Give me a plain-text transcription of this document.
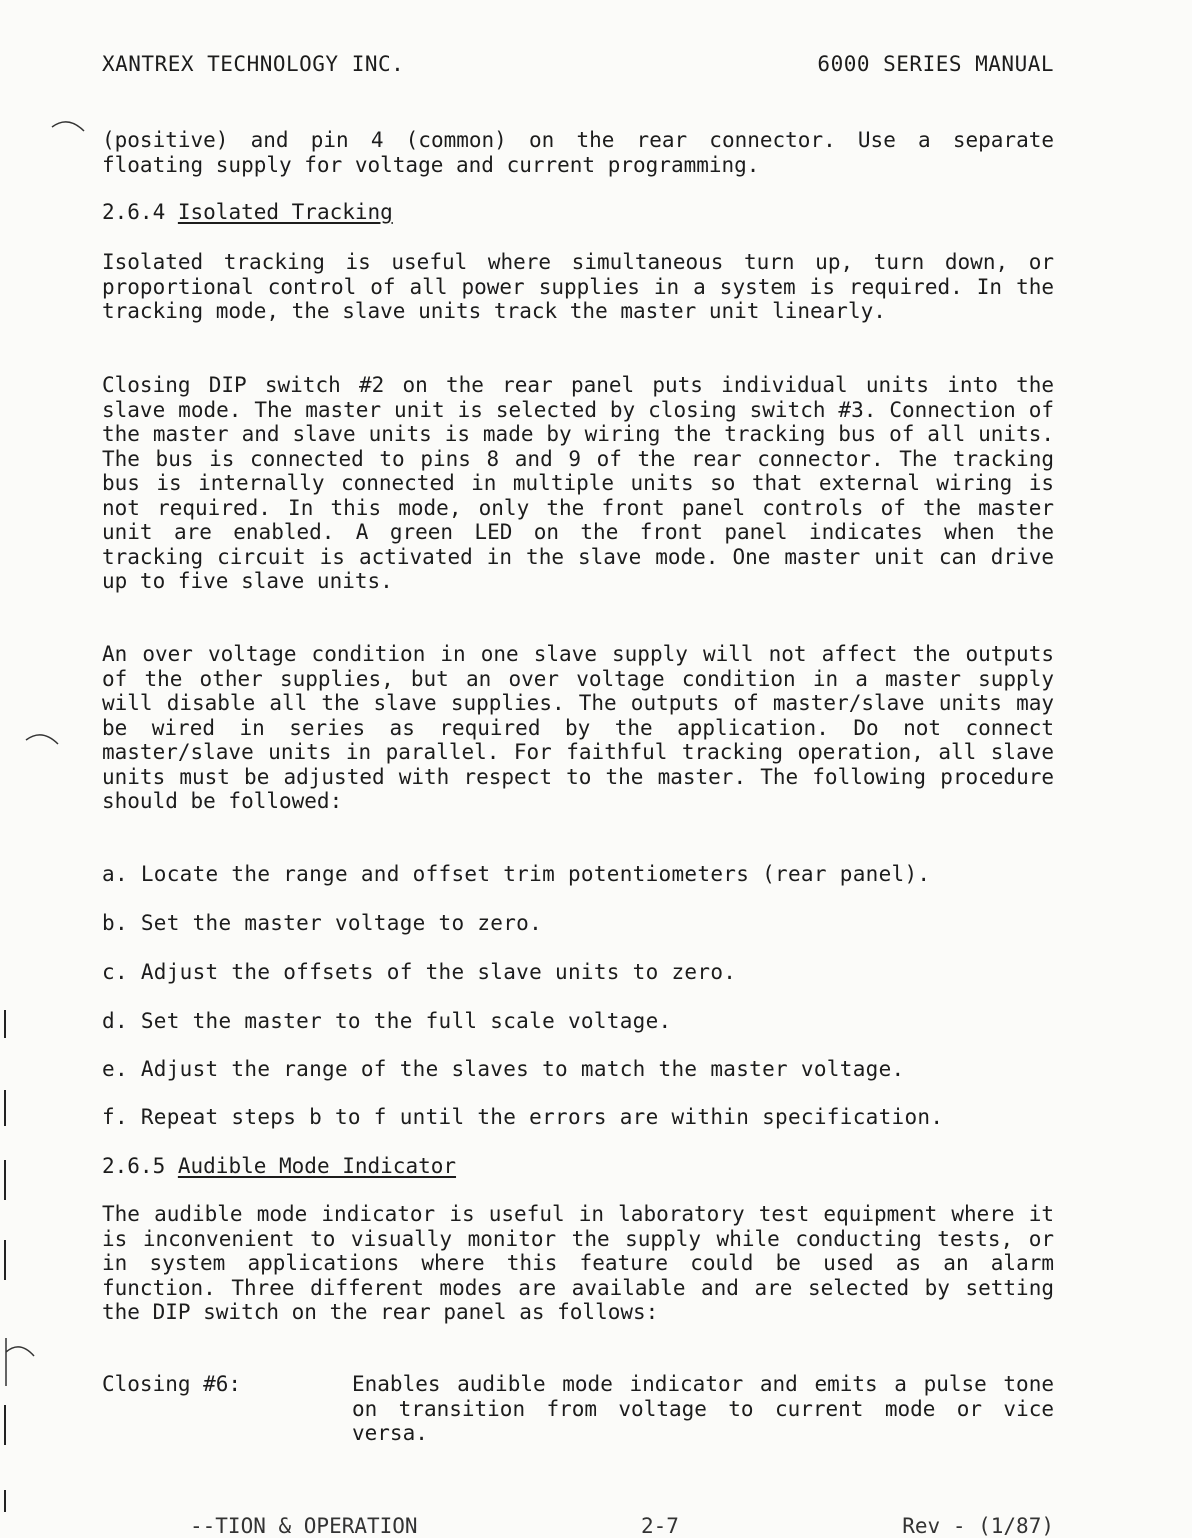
XANTREX TECHNOLOGY INC.	6000 SERIES MANUAL
(positive) and pin 4 (common) on the rear connector. Use a separate floating supply for voltage and current programming.
2.6.4 Isolated Tracking
Isolated tracking is useful where simultaneous turn up, turn down, or proportional control of all power supplies in a system is required. In the tracking mode, the slave units track the master unit linearly.
Closing DIP switch #2 on the rear panel puts individual units into the slave mode. The master unit is selected by closing switch #3. Connection of the master and slave units is made by wiring the tracking bus of all units. The bus is connected to pins 8 and 9 of the rear connector. The tracking bus is internally connected in multiple units so that external wiring is not required. In this mode, only the front panel controls of the master unit are enabled. A green LED on the front panel indicates when the tracking circuit is activated in the slave mode. One master unit can drive up to five slave units.
An over voltage condition in one slave supply will not affect the outputs of the other supplies, but an over voltage condition in a master supply will disable all the slave supplies. The outputs of master/slave units may be wired in series as required by the application. Do not connect master/slave units in parallel. For faithful tracking operation, all slave units must be adjusted with respect to the master. The following procedure should be followed:
a. Locate the range and offset trim potentiometers (rear panel).
b. Set the master voltage to zero.
c. Adjust the offsets of the slave units to zero.
d. Set the master to the full scale voltage.
e. Adjust the range of the slaves to match the master voltage.
f. Repeat steps b to f until the errors are within specification.
2.6.5 Audible Mode Indicator
The audible mode indicator is useful in laboratory test equipment where it is inconvenient to visually monitor the supply while conducting tests, or in system applications where this feature could be used as an alarm function. Three different modes are available and are selected by setting the DIP switch on the rear panel as follows:
Closing #6:	Enables audible mode indicator and emits a pulse tone on transition from voltage to current mode or vice versa.
--TION & OPERATION	2-7	Rev - (1/87)
